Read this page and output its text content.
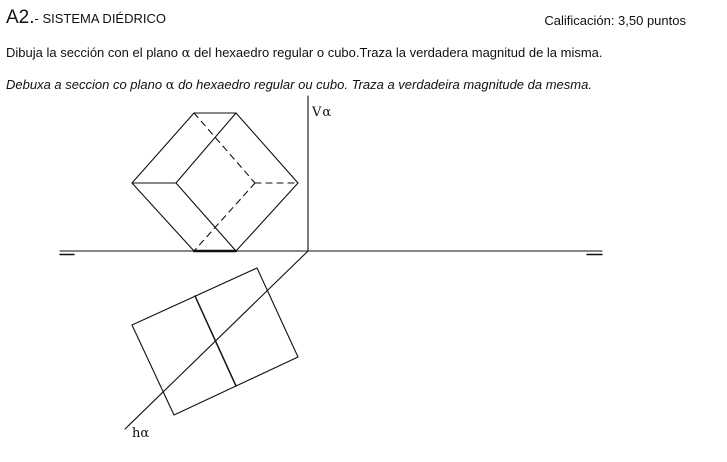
A2.- SISTEMA DIÉDRICO	Calificación: 3,50 puntos
Dibuja la sección con el plano α del hexaedro regular o cubo.Traza la verdadera magnitud de la misma.
Debuxa a seccion co plano α do hexaedro regular ou cubo. Traza a verdadeira magnitude da mesma.
Vα
hα
